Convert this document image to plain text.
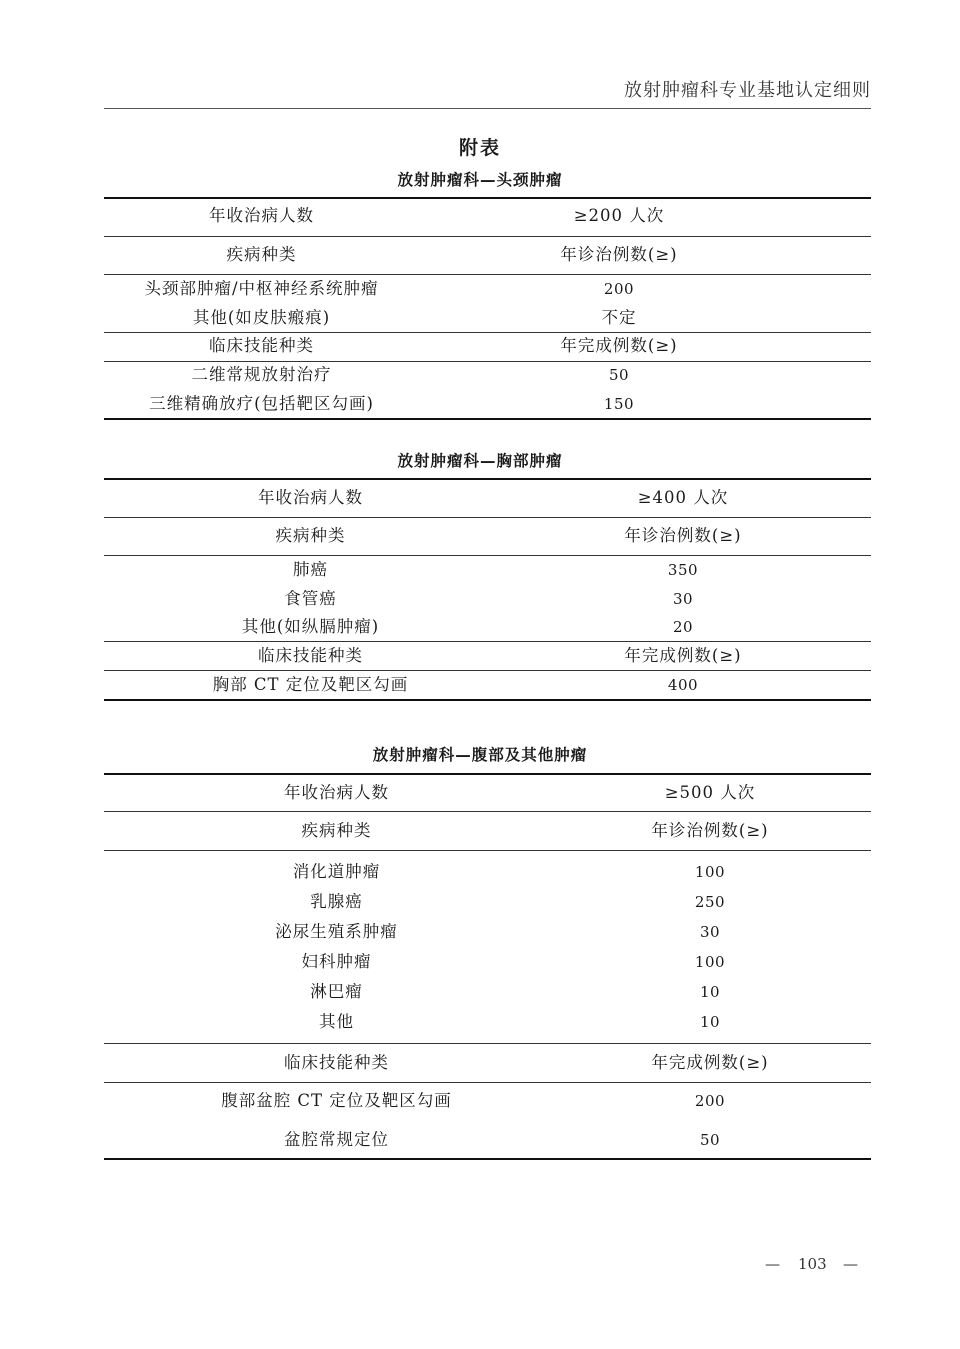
放射肿瘤科专业基地认定细则
附表
放射肿瘤科—头颈肿瘤
年收治病人数	≥200 人次
疾病种类	年诊治例数(≥)
头颈部肿瘤/中枢神经系统肿瘤	200
其他(如皮肤瘢痕)	不定
临床技能种类	年完成例数(≥)
二维常规放射治疗	50
三维精确放疗(包括靶区勾画)	150
放射肿瘤科—胸部肿瘤
年收治病人数	≥400 人次
疾病种类	年诊治例数(≥)
肺癌	350
食管癌	30
其他(如纵膈肿瘤)	20
临床技能种类	年完成例数(≥)
胸部 CT 定位及靶区勾画	400
放射肿瘤科—腹部及其他肿瘤
年收治病人数	≥500 人次
疾病种类	年诊治例数(≥)
消化道肿瘤	100
乳腺癌	250
泌尿生殖系肿瘤	30
妇科肿瘤	100
淋巴瘤	10
其他	10
临床技能种类	年完成例数(≥)
腹部盆腔 CT 定位及靶区勾画	200
盆腔常规定位	50
— 103 —
